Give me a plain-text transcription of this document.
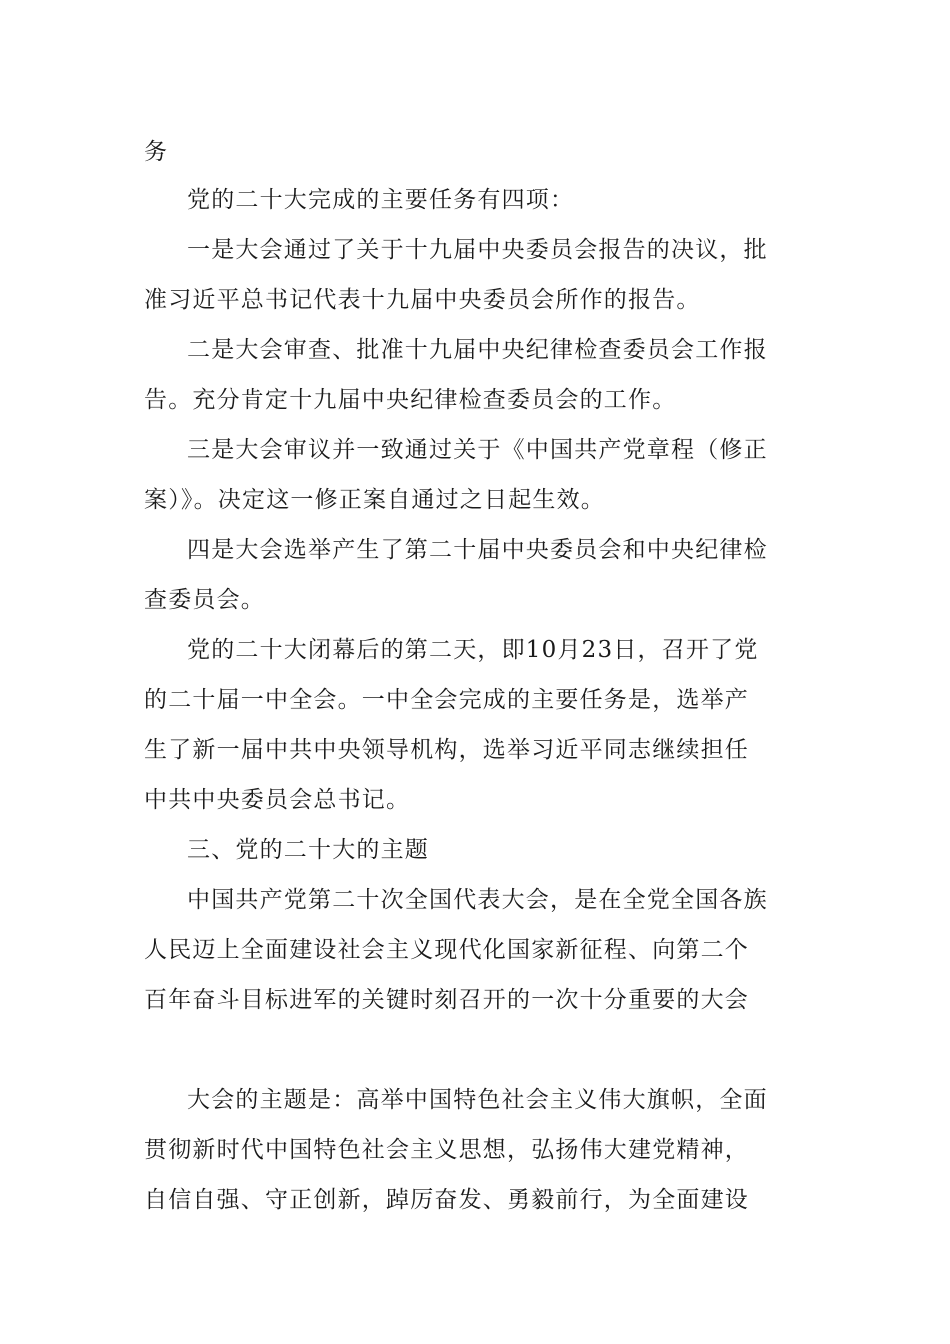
务
党的二十大完成的主要任务有四项：
一是大会通过了关于十九届中央委员会报告的决议，批
准习近平总书记代表十九届中央委员会所作的报告。
二是大会审查、批准十九届中央纪律检查委员会工作报
告。充分肯定十九届中央纪律检查委员会的工作。
三是大会审议并一致通过关于《中国共产党章程（修正
案）》。决定这一修正案自通过之日起生效。
四是大会选举产生了第二十届中央委员会和中央纪律检
查委员会。
党的二十大闭幕后的第二天，即10月23日，召开了党
的二十届一中全会。一中全会完成的主要任务是，选举产
生了新一届中共中央领导机构，选举习近平同志继续担任
中共中央委员会总书记。
三、党的二十大的主题
中国共产党第二十次全国代表大会，是在全党全国各族
人民迈上全面建设社会主义现代化国家新征程、向第二个
百年奋斗目标进军的关键时刻召开的一次十分重要的大会
大会的主题是：高举中国特色社会主义伟大旗帜，全面
贯彻新时代中国特色社会主义思想，弘扬伟大建党精神，
自信自强、守正创新，踔厉奋发、勇毅前行，为全面建设
